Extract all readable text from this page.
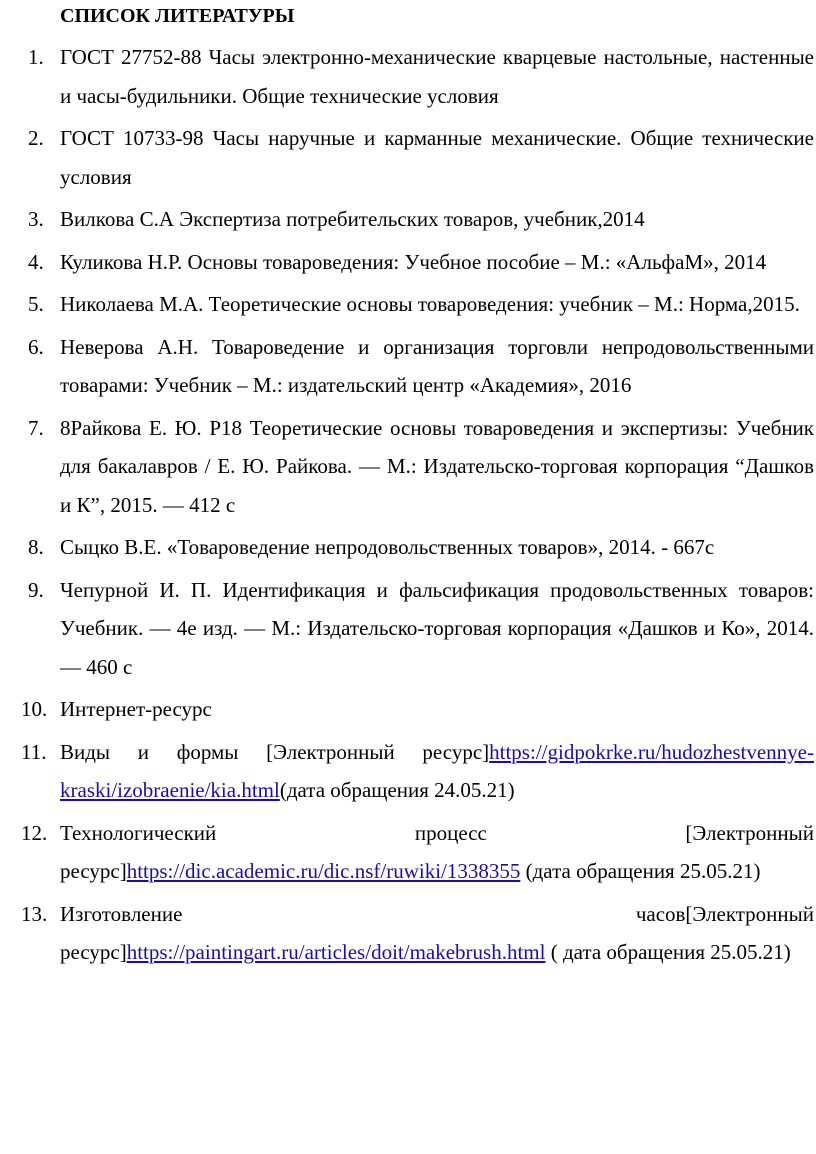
СПИСОК ЛИТЕРАТУРЫ
1. ГОСТ 27752-88 Часы электронно-механические кварцевые настольные, настенные и часы-будильники. Общие технические условия
2. ГОСТ 10733-98 Часы наручные и карманные механические. Общие технические условия
3. Вилкова С.А Экспертиза потребительских товаров, учебник,2014
4. Куликова Н.Р. Основы товароведения: Учебное пособие – М.: «АльфаМ», 2014
5. Николаева М.А. Теоретические основы товароведения: учебник – М.: Норма,2015.
6. Неверова А.Н. Товароведение и организация торговли непродовольственными товарами: Учебник – М.: издательский центр «Академия», 2016
7. 8Райкова Е. Ю. Р18 Теоретические основы товароведения и экспертизы: Учебник для бакалавров / Е. Ю. Райкова. — М.: Издательско-торговая корпорация “Дашков и К”, 2015. — 412 с
8. Сыцко В.Е. «Товароведение непродовольственных товаров», 2014. - 667с
9. Чепурной И. П. Идентификация и фальсификация продовольственных товаров: Учебник. — 4е изд. — М.: Издательско-торговая корпорация «Дашков и Ко», 2014. — 460 с
10. Интернет-ресурс
11. Виды и формы [Электронный ресурс]https://gidpokrke.ru/hudozhestvennye-kraski/izobraenie/kia.html(дата обращения 24.05.21)
12. Технологический процесс [Электронный ресурс]https://dic.academic.ru/dic.nsf/ruwiki/1338355 (дата обращения 25.05.21)
13. Изготовление часов[Электронный ресурс]https://paintingart.ru/articles/doit/makebrush.html ( дата обращения 25.05.21)
